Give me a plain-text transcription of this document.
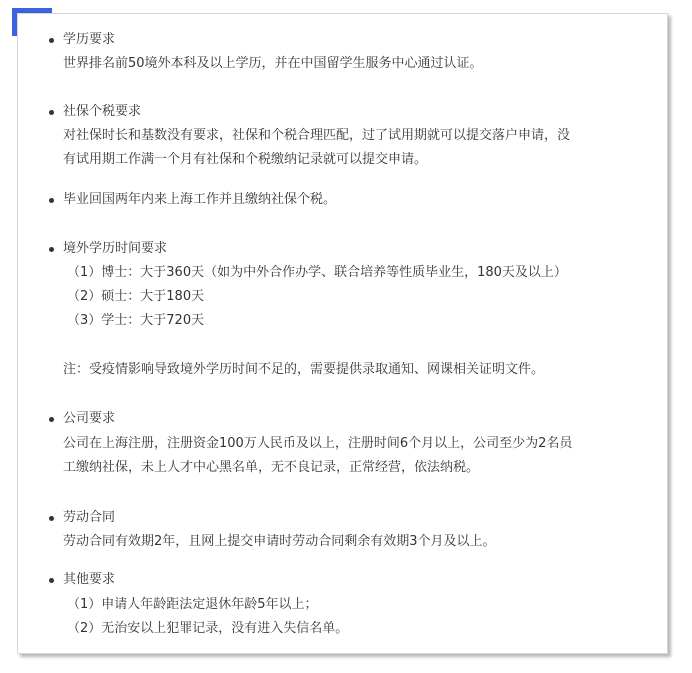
学历要求
世界排名前50境外本科及以上学历，并在中国留学生服务中心通过认证。
社保个税要求
对社保时长和基数没有要求，社保和个税合理匹配，过了试用期就可以提交落户申请，没
有试用期工作满一个月有社保和个税缴纳记录就可以提交申请。
毕业回国两年内来上海工作并且缴纳社保个税。
境外学历时间要求
（1）博士：大于360天（如为中外合作办学、联合培养等性质毕业生，180天及以上）
（2）硕士：大于180天
（3）学士：大于720天
注：受疫情影响导致境外学历时间不足的，需要提供录取通知、网课相关证明文件。
公司要求
公司在上海注册，注册资金100万人民币及以上，注册时间6个月以上，公司至少为2名员
工缴纳社保，未上人才中心黑名单，无不良记录，正常经营，依法纳税。
劳动合同
劳动合同有效期2年，且网上提交申请时劳动合同剩余有效期3个月及以上。
其他要求
（1）申请人年龄距法定退休年龄5年以上；
（2）无治安以上犯罪记录，没有进入失信名单。
